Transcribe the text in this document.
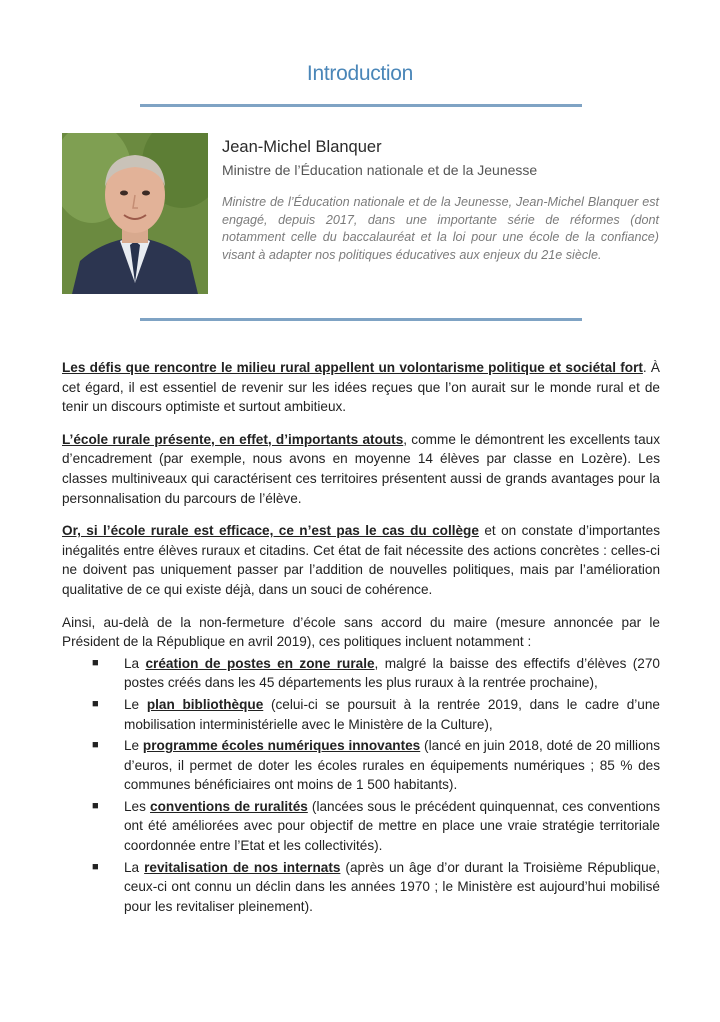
Introduction
Jean-Michel Blanquer
Ministre de l’Éducation nationale et de la Jeunesse
Ministre de l’Éducation nationale et de la Jeunesse, Jean-Michel Blanquer est engagé, depuis 2017, dans une importante série de réformes (dont notamment celle du baccalauréat et la loi pour une école de la confiance) visant à adapter nos politiques éducatives aux enjeux du 21e siècle.

Les défis que rencontre le milieu rural appellent un volontarisme politique et sociétal fort. À cet égard, il est essentiel de revenir sur les idées reçues que l’on aurait sur le monde rural et de tenir un discours optimiste et surtout ambitieux.

L’école rurale présente, en effet, d’importants atouts, comme le démontrent les excellents taux d’encadrement (par exemple, nous avons en moyenne 14 élèves par classe en Lozère). Les classes multiniveaux qui caractérisent ces territoires présentent aussi de grands avantages pour la personnalisation du parcours de l’élève.

Or, si l’école rurale est efficace, ce n’est pas le cas du collège et on constate d’importantes inégalités entre élèves ruraux et citadins. Cet état de fait nécessite des actions concrètes : celles-ci ne doivent pas uniquement passer par l’addition de nouvelles politiques, mais par l’amélioration qualitative de ce qui existe déjà, dans un souci de cohérence.

Ainsi, au-delà de la non-fermeture d’école sans accord du maire (mesure annoncée par le Président de la République en avril 2019), ces politiques incluent notamment :

■ La création de postes en zone rurale, malgré la baisse des effectifs d’élèves (270 postes créés dans les 45 départements les plus ruraux à la rentrée prochaine),
■ Le plan bibliothèque (celui-ci se poursuit à la rentrée 2019, dans le cadre d’une mobilisation interministérielle avec le Ministère de la Culture),
■ Le programme écoles numériques innovantes (lancé en juin 2018, doté de 20 millions d’euros, il permet de doter les écoles rurales en équipements numériques ; 85 % des communes bénéficiaires ont moins de 1 500 habitants).
■ Les conventions de ruralités (lancées sous le précédent quinquennat, ces conventions ont été améliorées avec pour objectif de mettre en place une vraie stratégie territoriale coordonnée entre l’Etat et les collectivités).
■ La revitalisation de nos internats (après un âge d’or durant la Troisième République, ceux-ci ont connu un déclin dans les années 1970 ; le Ministère est aujourd’hui mobilisé pour les revitaliser pleinement).
